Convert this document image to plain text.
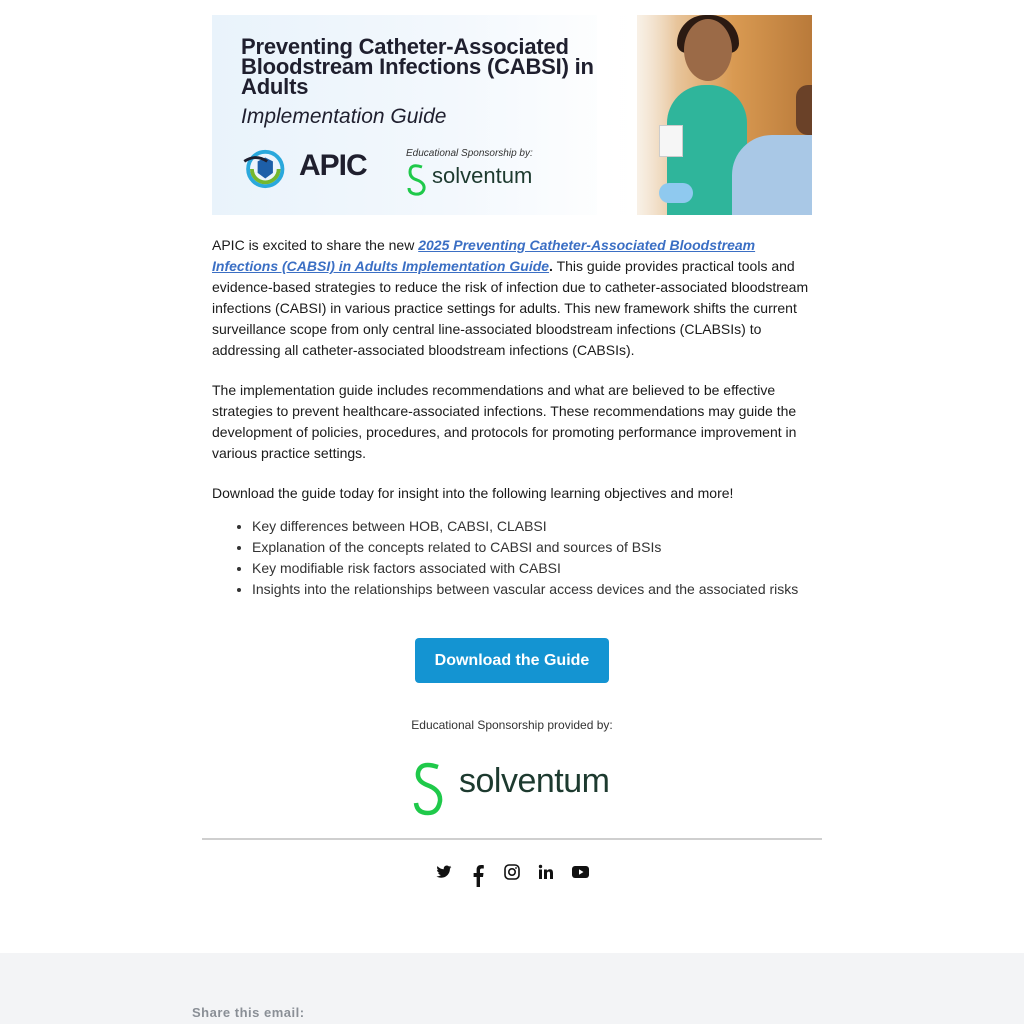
Preventing Catheter-Associated Bloodstream Infections (CABSI) in Adults
Implementation Guide
APIC	Educational Sponsorship by:
solventum
APIC is excited to share the new 2025 Preventing Catheter-Associated Bloodstream Infections (CABSI) in Adults Implementation Guide. This guide provides practical tools and evidence-based strategies to reduce the risk of infection due to catheter-associated bloodstream infections (CABSI) in various practice settings for adults. This new framework shifts the current surveillance scope from only central line-associated bloodstream infections (CLABSIs) to addressing all catheter-associated bloodstream infections (CABSIs).
The implementation guide includes recommendations and what are believed to be effective strategies to prevent healthcare-associated infections. These recommendations may guide the development of policies, procedures, and protocols for promoting performance improvement in various practice settings.
Download the guide today for insight into the following learning objectives and more!
• Key differences between HOB, CABSI, CLABSI
• Explanation of the concepts related to CABSI and sources of BSIs
• Key modifiable risk factors associated with CABSI
• Insights into the relationships between vascular access devices and the associated risks
Download the Guide
Educational Sponsorship provided by:
solventum
Share this email:
